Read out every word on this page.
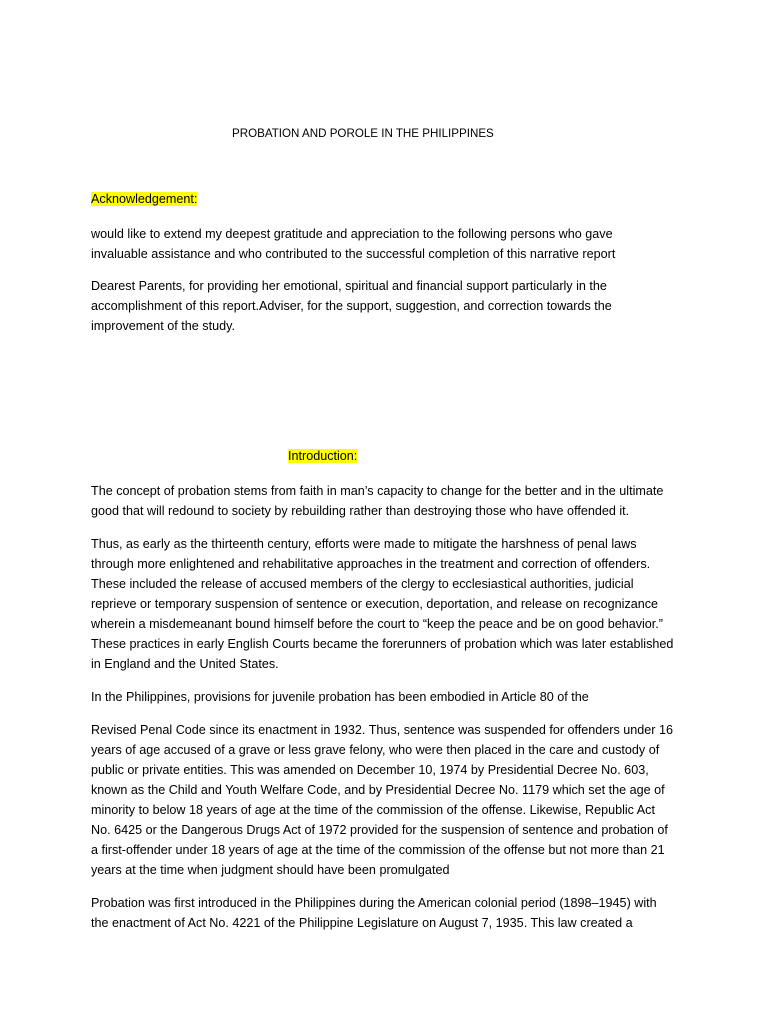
PROBATION AND POROLE IN THE PHILIPPINES
Acknowledgement:
would like to extend my deepest gratitude and appreciation to the following persons who gave
invaluable assistance and who contributed to the successful completion of this narrative report
Dearest Parents, for providing her emotional, spiritual and financial support particularly in the
accomplishment of this report.Adviser, for the support, suggestion, and correction towards the
improvement of the study.
Introduction:
The concept of probation stems from faith in man’s capacity to change for the better and in the ultimate
good that will redound to society by rebuilding rather than destroying those who have offended it.
Thus, as early as the thirteenth century, efforts were made to mitigate the harshness of penal laws
through more enlightened and rehabilitative approaches in the treatment and correction of offenders.
These included the release of accused members of the clergy to ecclesiastical authorities, judicial
reprieve or temporary suspension of sentence or execution, deportation, and release on recognizance
wherein a misdemeanant bound himself before the court to “keep the peace and be on good behavior.”
These practices in early English Courts became the forerunners of probation which was later established
in England and the United States.
In the Philippines, provisions for juvenile probation has been embodied in Article 80 of the
Revised Penal Code since its enactment in 1932. Thus, sentence was suspended for offenders under 16
years of age accused of a grave or less grave felony, who were then placed in the care and custody of
public or private entities. This was amended on December 10, 1974 by Presidential Decree No. 603,
known as the Child and Youth Welfare Code, and by Presidential Decree No. 1179 which set the age of
minority to below 18 years of age at the time of the commission of the offense. Likewise, Republic Act
No. 6425 or the Dangerous Drugs Act of 1972 provided for the suspension of sentence and probation of
a first-offender under 18 years of age at the time of the commission of the offense but not more than 21
years at the time when judgment should have been promulgated
Probation was first introduced in the Philippines during the American colonial period (1898–1945) with
the enactment of Act No. 4221 of the Philippine Legislature on August 7, 1935. This law created a
